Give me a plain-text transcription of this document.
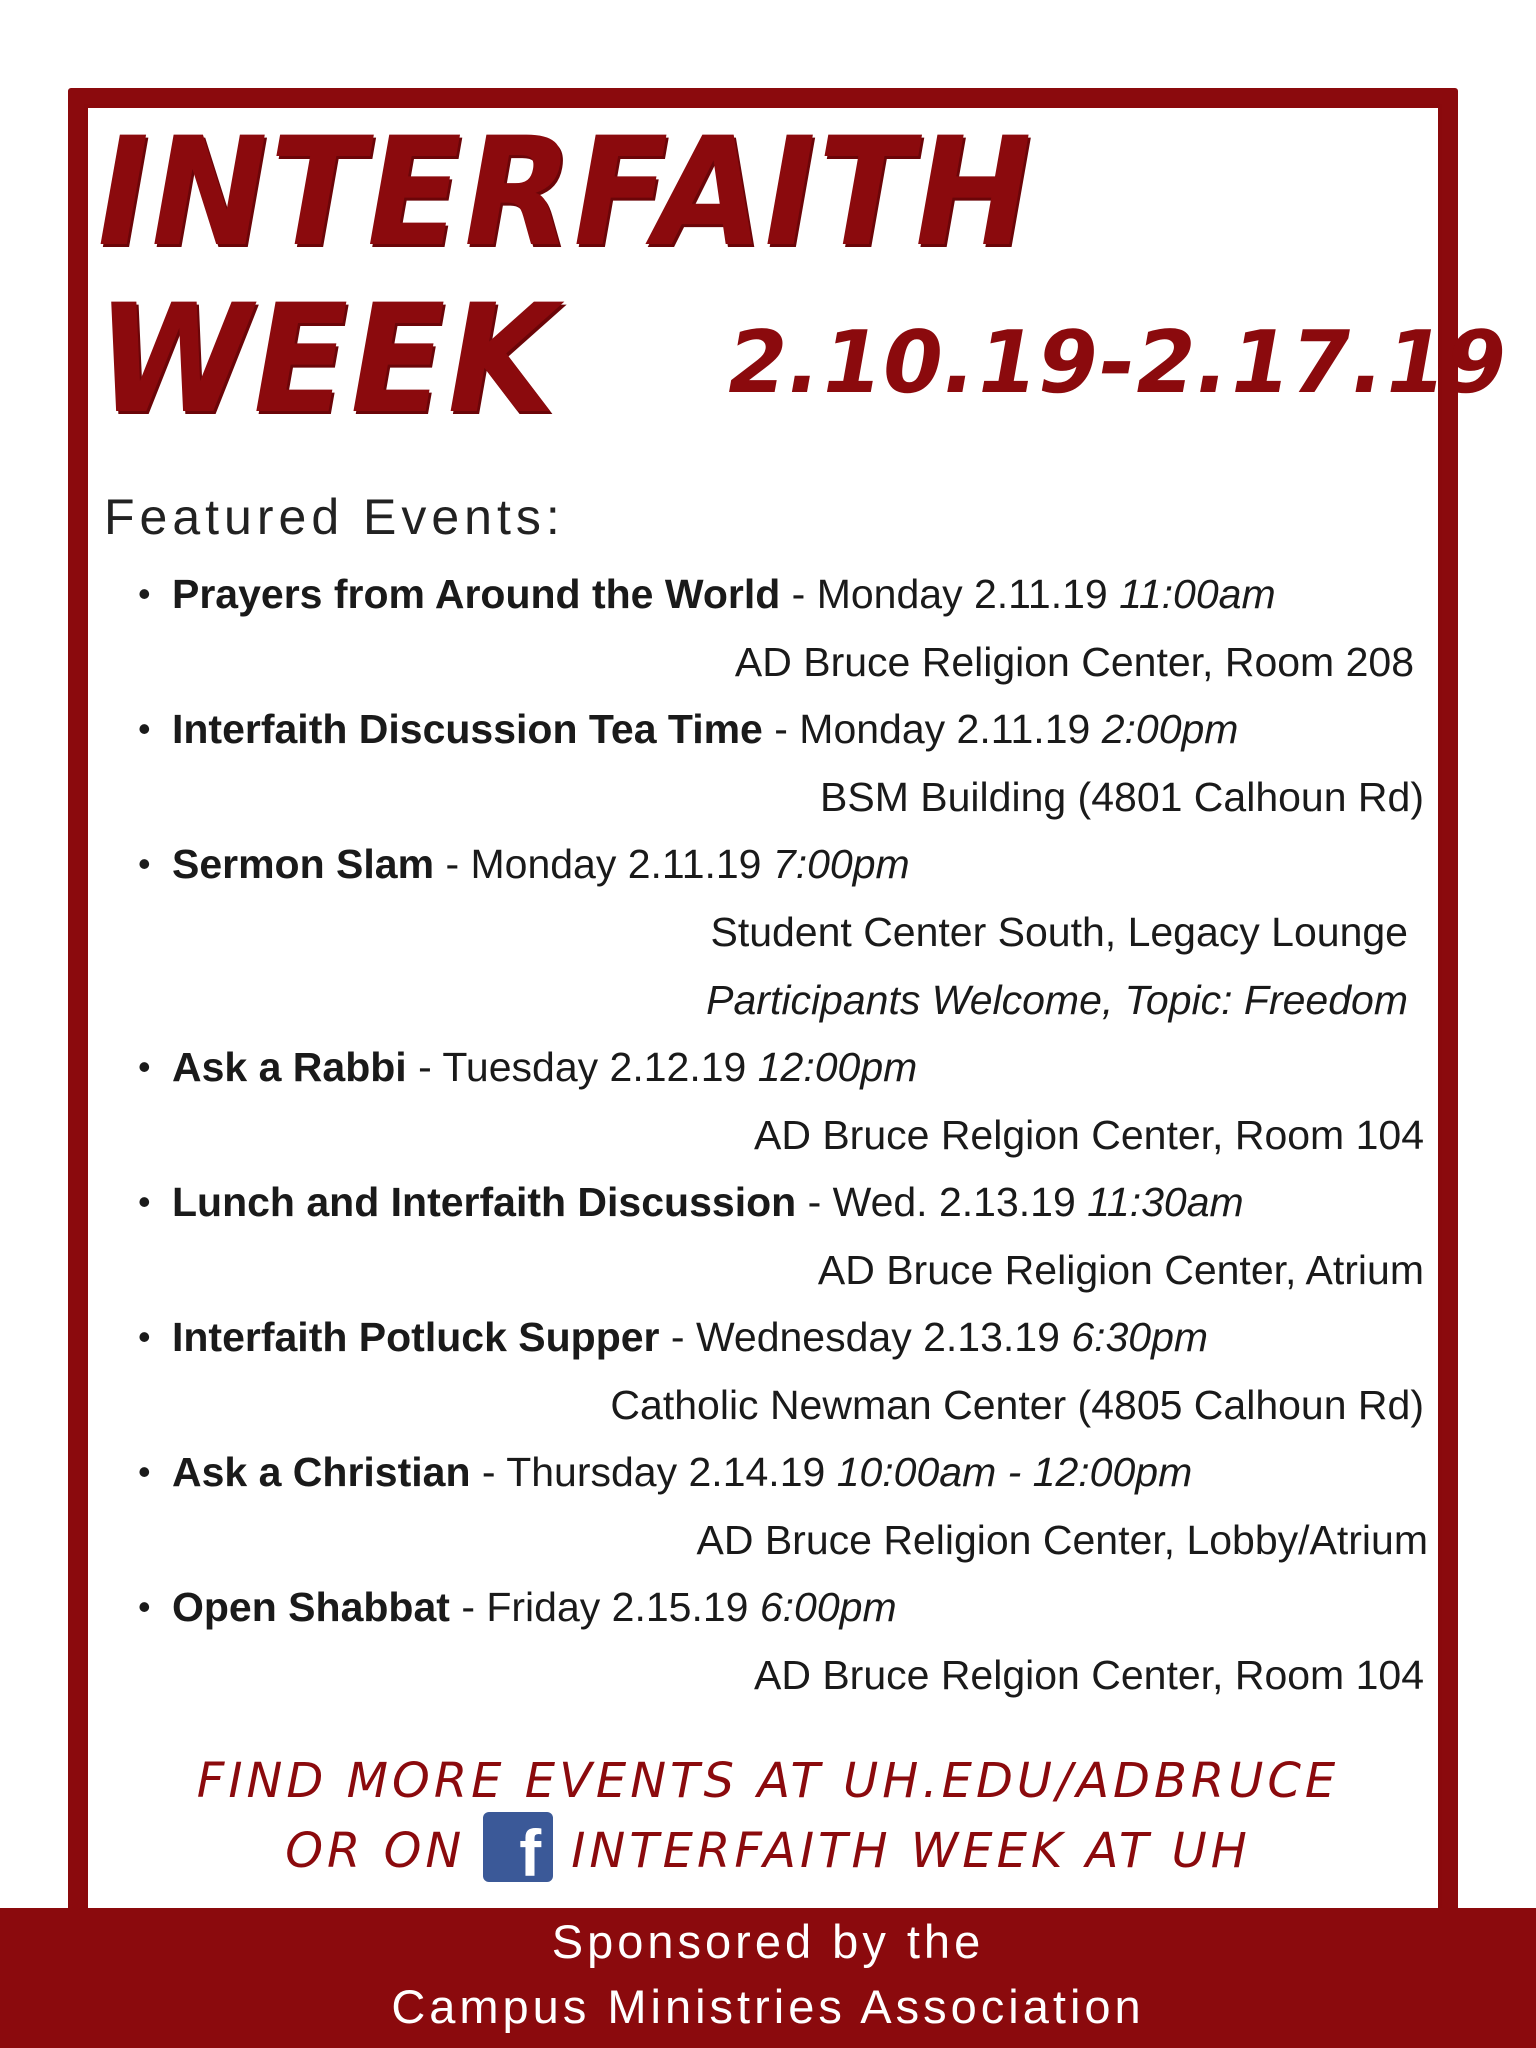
INTERFAITH
WEEK 2.10.19-2.17.19

Featured Events:
• Prayers from Around the World - Monday 2.11.19 11:00am

AD Bruce Religion Center, Room 208

• Interfaith Discussion Tea Time - Monday 2.11.19 2:00pm

BSM Building (4801 Calhoun Rd)

• Sermon Slam - Monday 2.11.19 7:00pm

Student Center South, Legacy Lounge

Participants Welcome, Topic: Freedom

• Ask a Rabbi - Tuesday 2.12.19 12:00pm

AD Bruce Relgion Center, Room 104

• Lunch and Interfaith Discussion - Wed. 2.13.19 11:30am

AD Bruce Religion Center, Atrium

• Interfaith Potluck Supper - Wednesday 2.13.19 6:30pm

Catholic Newman Center (4805 Calhoun Rd)

• Ask a Christian - Thursday 2.14.19 10:00am - 12:00pm

AD Bruce Religion Center, Lobby/Atrium

• Open Shabbat - Friday 2.15.19 6:00pm

AD Bruce Relgion Center, Room 104

FIND MORE EVENTS AT UH.EDU/ADBRUCE

OR ON f INTERFAITH WEEK AT UH

Sponsored by the

Campus Ministries Association
